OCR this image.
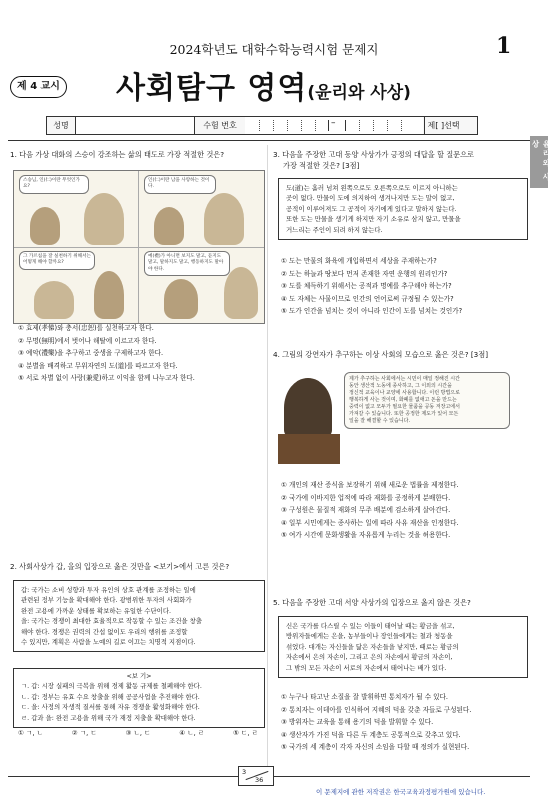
2024학년도 대학수학능력시험 문제지	1
제 4 교시 사회탐구 영역(윤리와 사상)
성명	수험 번호	–	제[ ]선택
윤리와 사상
1. 다음 가상 대화의 스승이 강조하는 삶의 태도로 가장 적절한 것은?
스승님, 인(仁)이란 무엇인가요?
인(仁)이란 남을 사랑하는 것이다.
그 가르침을 잘 실천하기 위해서는 어떻게 해야 할까요?
예(禮)가 아니면 보지도 말고, 듣지도 말고, 말하지도 말고, 행동하지도 말아야 한다.
① 효제(孝悌)와 충서(忠恕)를 실천하고자 한다.
② 무명(無明)에서 벗어나 해탈에 이르고자 한다.
③ 예악(禮樂)을 추구하고 중생을 구제하고자 한다.
④ 분별을 배격하고 무위자연의 도(道)를 따르고자 한다.
⑤ 서로 차별 없이 사랑(兼愛)하고 이익을 함께 나누고자 한다.
2. 사회사상가 갑, 을의 입장으로 옳은 것만을 <보기>에서 고른 것은?
갑: 국가는 소비 성향과 투자 유인의 상호 관계를 조정하는 일에
관련된 정부 기능을 확대해야 한다. 광범위한 투자의 사회화가
완전 고용에 가까운 상태를 확보하는 유일한 수단이다.
을: 국가는 경쟁이 최대한 효율적으로 작동할 수 있는 조건을 창출
해야 한다. 경쟁은 권력의 간섭 없이도 우리의 행위를 조정할
수 있지만, 계획은 사람을 노예의 길로 이끄는 치명적 지점이다.
<보 기>
ㄱ. 갑: 시장 실패의 극복을 위해 경제 활동 규제를 철폐해야 한다.
ㄴ. 갑: 정부는 유효 수요 창출을 위해 공공사업을 추진해야 한다.
ㄷ. 을: 사정의 자생적 질서를 통해 자유 경쟁을 활성화해야 한다.
ㄹ. 갑과 을: 완전 고용을 위해 국가 재정 지출을 확대해야 한다.
① ㄱ, ㄴ	② ㄱ, ㄷ	③ ㄴ, ㄷ	④ ㄴ, ㄹ	⑤ ㄷ, ㄹ
3. 다음을 주장한 고대 동양 사상가가 긍정의 대답을 할 질문으로
가장 적절한 것은? [3점]
도(道)는 흘러 넘쳐 왼쪽으로도 오른쪽으로도 이르지 아니하는
곳이 없다. 만물이 도에 의지하여 생겨나지만 도는 말이 없고,
공적이 이루어져도 그 공적이 자기에게 있다고 말하지 않는다.
또한 도는 만물을 생기게 하지만 자기 소유로 삼지 않고, 만물을
거느리는 주인이 되려 하지 않는다.
① 도는 만물의 화육에 개입하면서 세상을 주재하는가?
② 도는 하늘과 땅보다 먼저 존재한 자연 운행의 원리인가?
③ 도를 체득하기 위해서는 공적과 명예를 추구해야 하는가?
④ 도 자체는 사물이므로 인간의 언어로써 규정될 수 있는가?
⑤ 도가 인간을 넘치는 것이 아니라 인간이 도를 넘치는 것인가?
4. 그림의 강연자가 추구하는 이상 사회의 모습으로 옳은 것은? [3점]
제가 추구하는 사회에서는 시민이 매일 정해진 시간
동안 생산적 노동에 종사하고, 그 이외의 시간을
정신적 교육이나 교양에 사용합니다. 이런 방법으로
행복하게 사는 것이며, 화폐를 없애고 돈을 만드는
중력이 없고 모두가 필요한 물품을 공동 저장고에서
가져갈 수 있습니다. 또한 공정한 제도가 있어 모든
일을 잘 해결할 수 있습니다.
① 개인의 재산 증식을 보장하기 위해 새로운 법률을 제정한다.
② 국가에 이바지한 업적에 따라 재화를 공정하게 분배한다.
③ 구성원은 물질적 재화의 무주 배분에 검소하게 살아간다.
④ 일부 시민에게는 종사하는 일에 따라 사유 재산을 인정한다.
⑤ 여가 시간에 문화생활을 자유롭게 누리는 것을 허용한다.
5. 다음을 주장한 고대 서양 사상가의 입장으로 옳지 않은 것은?
신은 국가를 다스릴 수 있는 이들이 태어날 때는 황금을 섞고,
방위자들에게는 은을, 농부들이나 장인들에게는 철과 청동을
섞었다. 대개는 자신들을 닮은 자손들을 낳지만, 때로는 황금의
자손에서 은의 자손이, 그리고 은의 자손에서 황금의 자손이,
그 밖의 모든 자손이 서로의 자손에서 태어나는 배가 있다.
① 누구나 타고난 소질을 잘 발휘하면 통치자가 될 수 있다.
② 통치자는 이데아를 인식하여 지혜의 덕을 갖춘 자들로 구성된다.
③ 방위자는 교육을 통해 용기의 덕을 발휘할 수 있다.
④ 생산자가 가진 덕을 다른 두 계층도 공통적으로 갖추고 있다.
⑤ 국가의 세 계층이 각자 자신의 소임을 다할 때 정의가 실현된다.
3
36
이 문제지에 관한 저작권은 한국교육과정평가원에 있습니다.
